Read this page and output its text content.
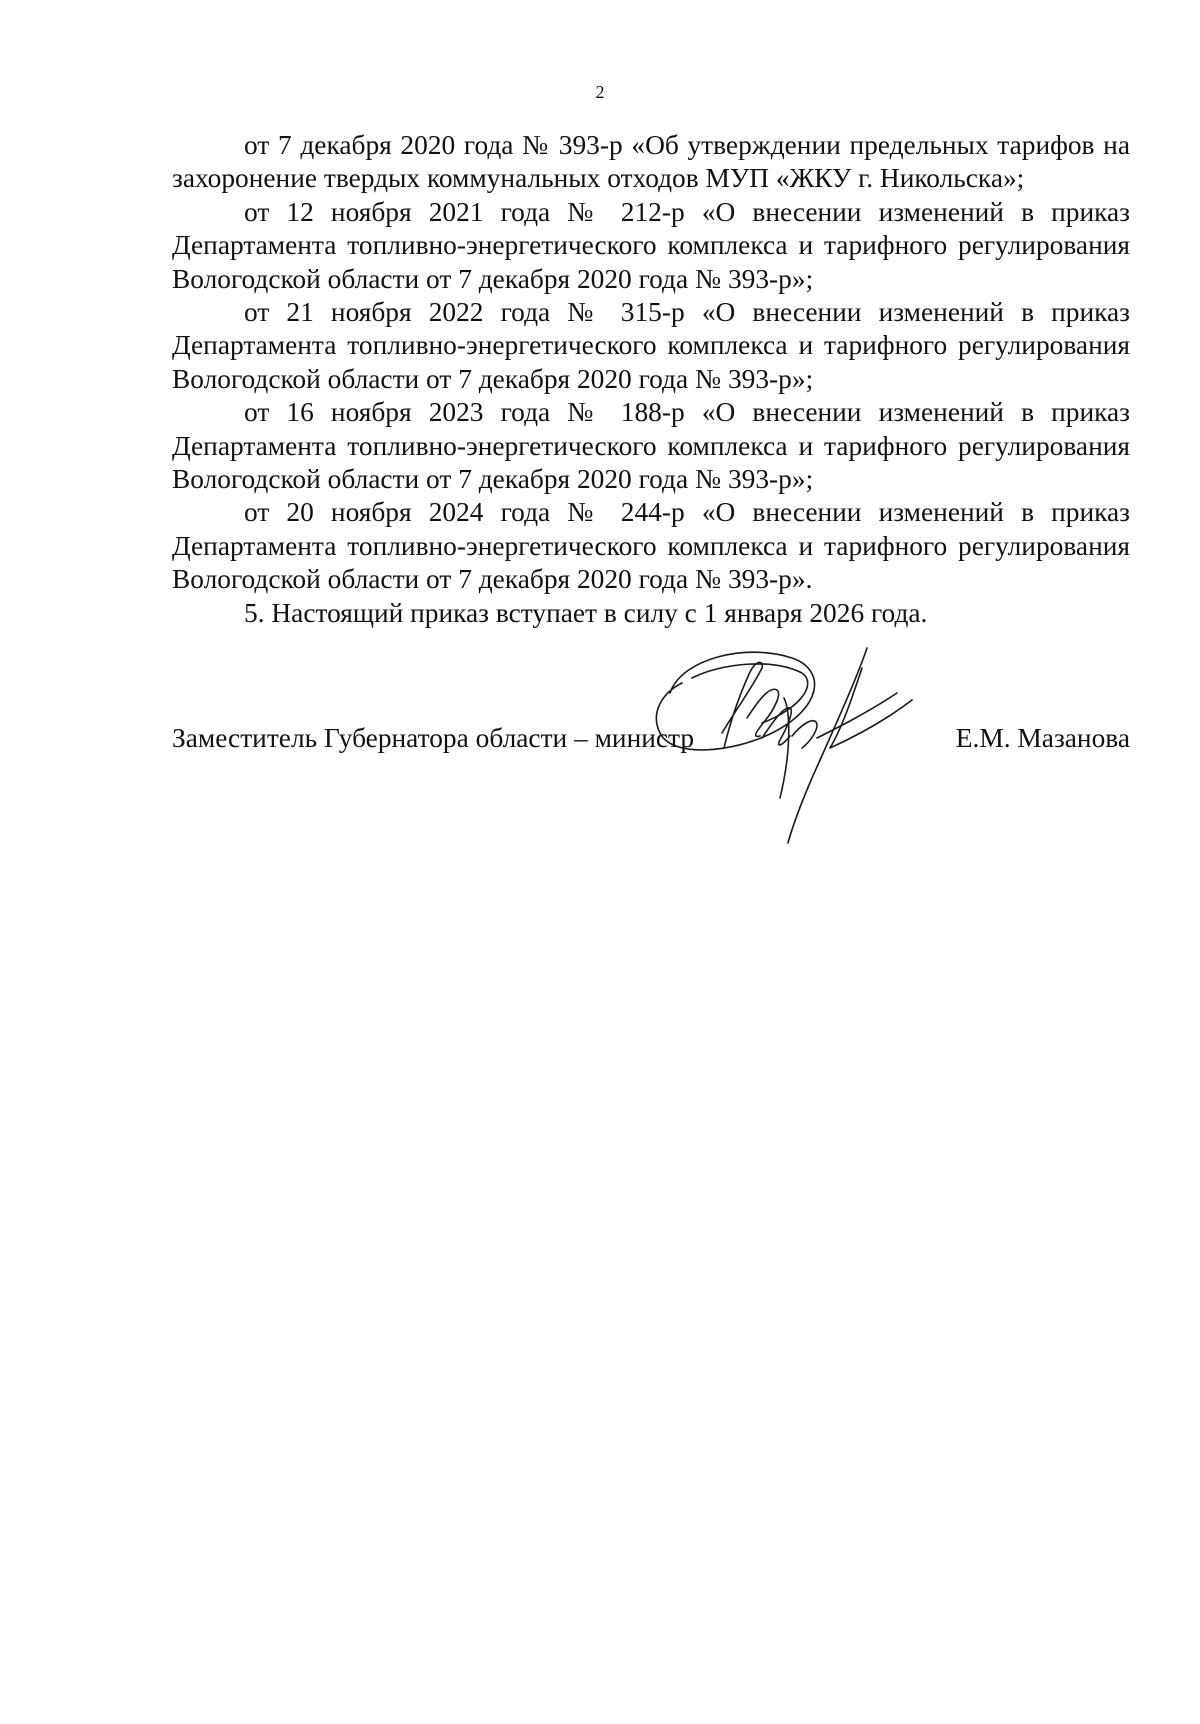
2

от 7 декабря 2020 года № 393-р «Об утверждении предельных тарифов на захоронение твердых коммунальных отходов МУП «ЖКУ г. Никольска»;

от 12 ноября 2021 года № 212-р «О внесении изменений в приказ Департамента топливно-энергетического комплекса и тарифного регулирования Вологодской области от 7 декабря 2020 года № 393-р»;

от 21 ноября 2022 года № 315-р «О внесении изменений в приказ Департамента топливно-энергетического комплекса и тарифного регулирования Вологодской области от 7 декабря 2020 года № 393-р»;

от 16 ноября 2023 года № 188-р «О внесении изменений в приказ Департамента топливно-энергетического комплекса и тарифного регулирования Вологодской области от 7 декабря 2020 года № 393-р»;

от 20 ноября 2024 года № 244-р «О внесении изменений в приказ Департамента топливно-энергетического комплекса и тарифного регулирования Вологодской области от 7 декабря 2020 года № 393-р».

5. Настоящий приказ вступает в силу с 1 января 2026 года.

Заместитель Губернатора области – министр	Е.М. Мазанова
